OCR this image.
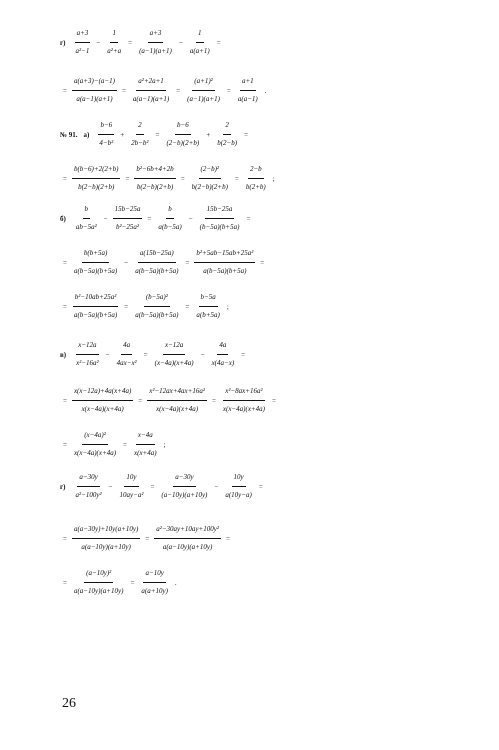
$г) \frac{a+3}{\text{a²−1}} - \frac{1}{\text{a²+a}} = \frac{a+3}{(a-1)(a+1)} - \frac{1}{a(a+1)}$ =
= $\frac{a(a+3)-(a-1)}{a(a-1)(a+1)} = \frac{\text{a²+2a+1}}{a(a-1)(a+1)} = \frac{\text{(a+1)²}}{(a-1)(a+1)} = \frac{a+1}{a(a-1)}$ .
№ 91. $а) \frac{b-6}{\text{4−b²}} + \frac{2}{\text{2b−b²}} = \frac{b-6}{(2-b)(2+b)} + \frac{2}{b(2-b)}$ =
= $\frac{b(b-6)+2(2+b)}{b(2-b)(2+b)} = \frac{\text{b²−6b+4+2b}}{b(2-b)(2+b)} = \frac{\text{(2−b)²}}{b(2-b)(2+b)} = \frac{2-b}{b(2+b)}$ ;
$б) \frac{b}{\text{ab−5a²}} - \frac{15b-25a}{\text{b²−25a²}} = \frac{b}{a(b-5a)} - \frac{15b-25a}{(b-5a)(b+5a)}$ =
= $\frac{b(b+5a)}{a(b-5a)(b+5a)} - \frac{a(15b-25a)}{a(b-5a)(b+5a)} = \frac{\text{b²+5ab−15ab+25a²}}{a(b-5a)(b+5a)}$ =
= $\frac{\text{b²−10ab+25a²}}{a(b-5a)(b+5a)} = \frac{\text{(b−5a)²}}{a(b-5a)(b+5a)} = \frac{b-5a}{a(b+5a)}$ ;
$в) \frac{x-12a}{\text{x²−16a²}} - \frac{4a}{\text{4ax−x²}} = \frac{x-12a}{(x-4a)(x+4a)} - \frac{4a}{x(4a-x)}$ =
= $\frac{x(x-12a)+4a(x+4a)}{x(x-4a)(x+4a)} = \frac{\text{x²−12ax+4ax+16a²}}{x(x-4a)(x+4a)} = \frac{\text{x²−8ax+16a²}}{x(x-4a)(x+4a)}$ =
= $\frac{\text{(x−4a)²}}{x(x-4a)(x+4a)} = \frac{x-4a}{x(x+4a)}$ ;
$г) \frac{a-30y}{\text{a²−100y²}} - \frac{10y}{\text{10ay−a²}} = \frac{a-30y}{(a-10y)(a+10y)} - \frac{10y}{a(10y-a)}$ =
= $\frac{a(a-30y)+10y(a+10y)}{a(a-10y)(a+10y)} = \frac{\text{a²−30ay+10ay+100y²}}{a(a-10y)(a+10y)}$ =
= $\frac{\text{(a−10y)²}}{a(a-10y)(a+10y)} = \frac{a-10y}{a(a+10y)}$ .
26
